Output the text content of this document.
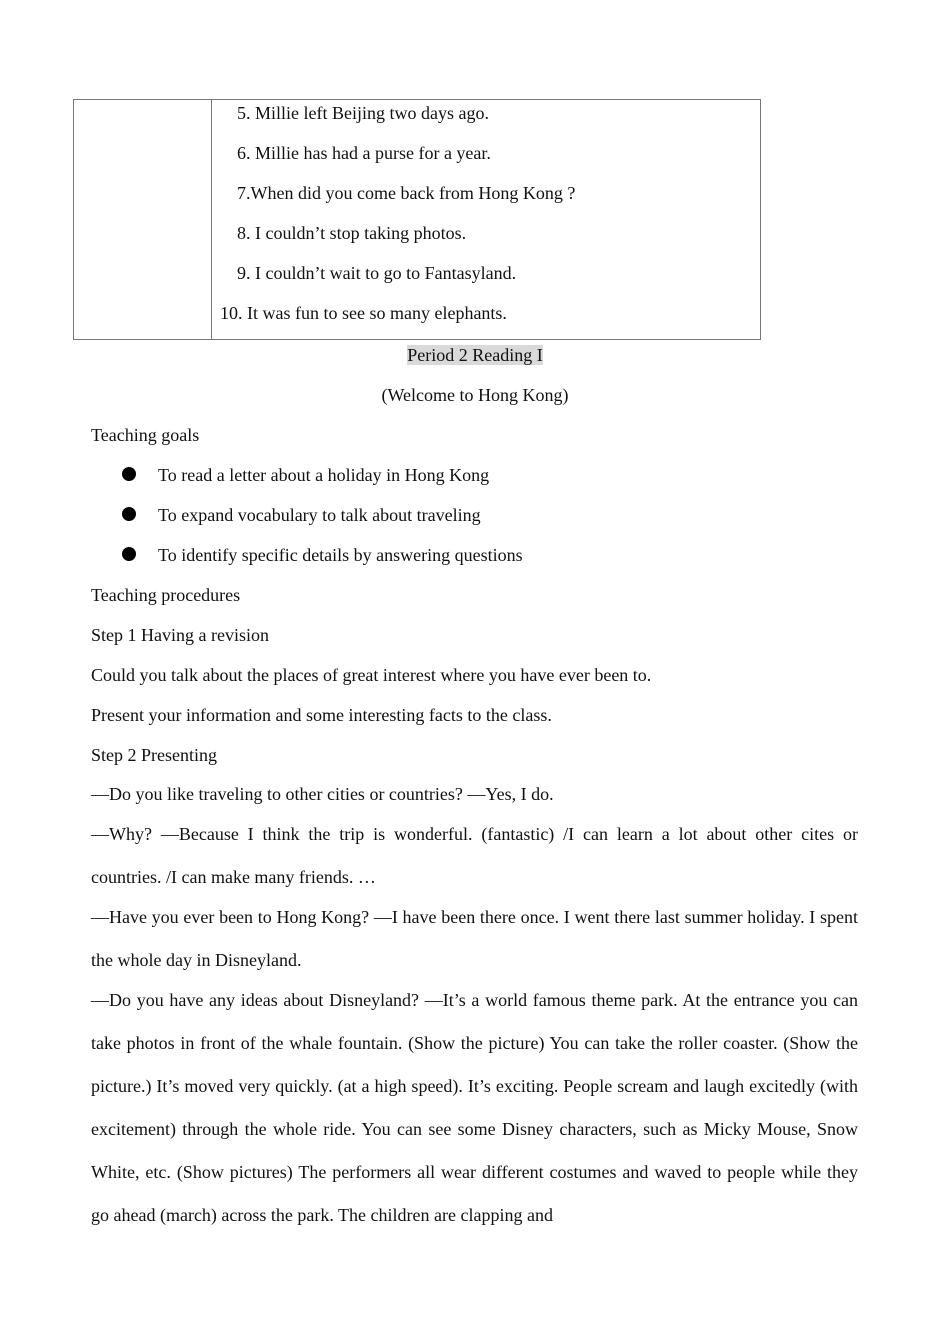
5. Millie left Beijing two days ago.
6. Millie has had a purse for a year.
7.When did you come back from Hong Kong ?
8. I couldn’t stop taking photos.
9. I couldn’t wait to go to Fantasyland.
10. It was fun to see so many elephants.
Period 2 Reading I
(Welcome to Hong Kong)
Teaching goals
To read a letter about a holiday in Hong Kong
To expand vocabulary to talk about traveling
To identify specific details by answering questions
Teaching procedures
Step 1 Having a revision
Could you talk about the places of great interest where you have ever been to.
Present your information and some interesting facts to the class.
Step 2 Presenting
—Do you like traveling to other cities or countries? —Yes, I do.
—Why? —Because I think the trip is wonderful. (fantastic) /I can learn a lot about other cites or countries. /I can make many friends. …
—Have you ever been to Hong Kong? —I have been there once. I went there last summer holiday. I spent the whole day in Disneyland.
—Do you have any ideas about Disneyland? —It’s a world famous theme park. At the entrance you can take photos in front of the whale fountain. (Show the picture) You can take the roller coaster. (Show the picture.) It’s moved very quickly. (at a high speed). It’s exciting. People scream and laugh excitedly (with excitement) through the whole ride. You can see some Disney characters, such as Micky Mouse, Snow White, etc. (Show pictures) The performers all wear different costumes and waved to people while they go ahead (march) across the park. The children are clapping and
